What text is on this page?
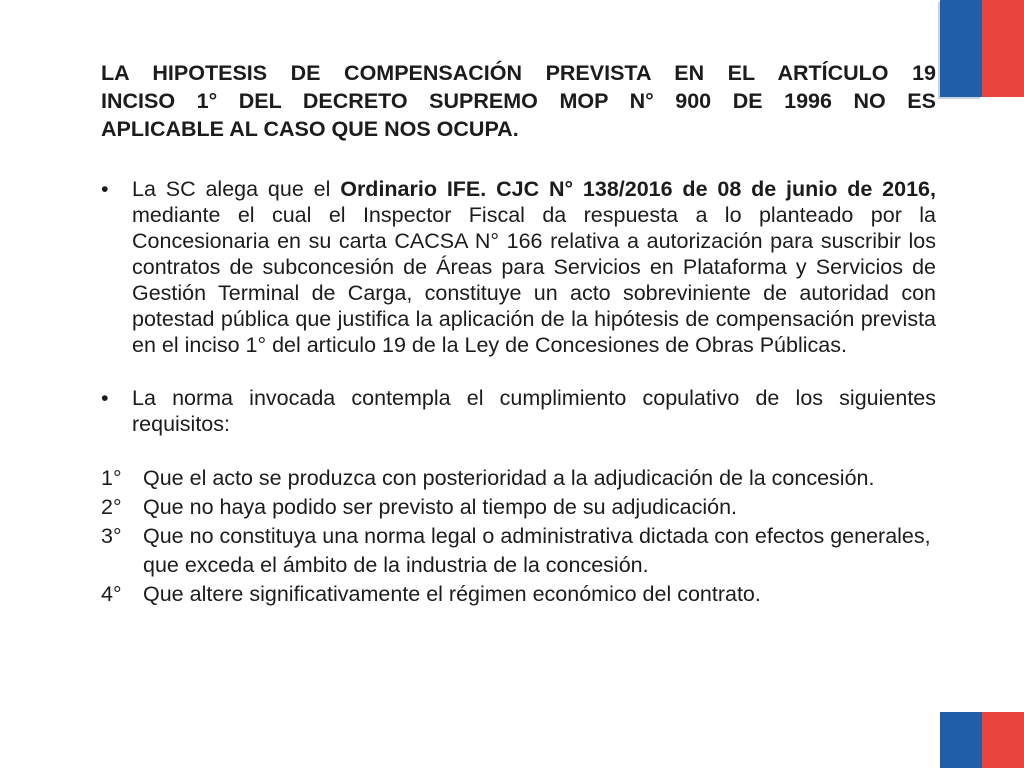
LA HIPOTESIS DE COMPENSACIÓN PREVISTA EN EL ARTÍCULO 19
INCISO 1° DEL DECRETO SUPREMO MOP N° 900 DE 1996 NO ES
APLICABLE AL CASO QUE NOS OCUPA.
• La SC alega que el Ordinario IFE. CJC N° 138/2016 de 08 de junio de 2016, mediante el cual el Inspector Fiscal da respuesta a lo planteado por la Concesionaria en su carta CACSA N° 166 relativa a autorización para suscribir los contratos de subconcesión de Áreas para Servicios en Plataforma y Servicios de Gestión Terminal de Carga, constituye un acto sobreviniente de autoridad con potestad pública que justifica la aplicación de la hipótesis de compensación prevista en el inciso 1° del articulo 19 de la Ley de Concesiones de Obras Públicas.
• La norma invocada contempla el cumplimiento copulativo de los siguientes requisitos:
1° Que el acto se produzca con posterioridad a la adjudicación de la concesión.
2° Que no haya podido ser previsto al tiempo de su adjudicación.
3° Que no constituya una norma legal o administrativa dictada con efectos generales, que exceda el ámbito de la industria de la concesión.
4° Que altere significativamente el régimen económico del contrato.
